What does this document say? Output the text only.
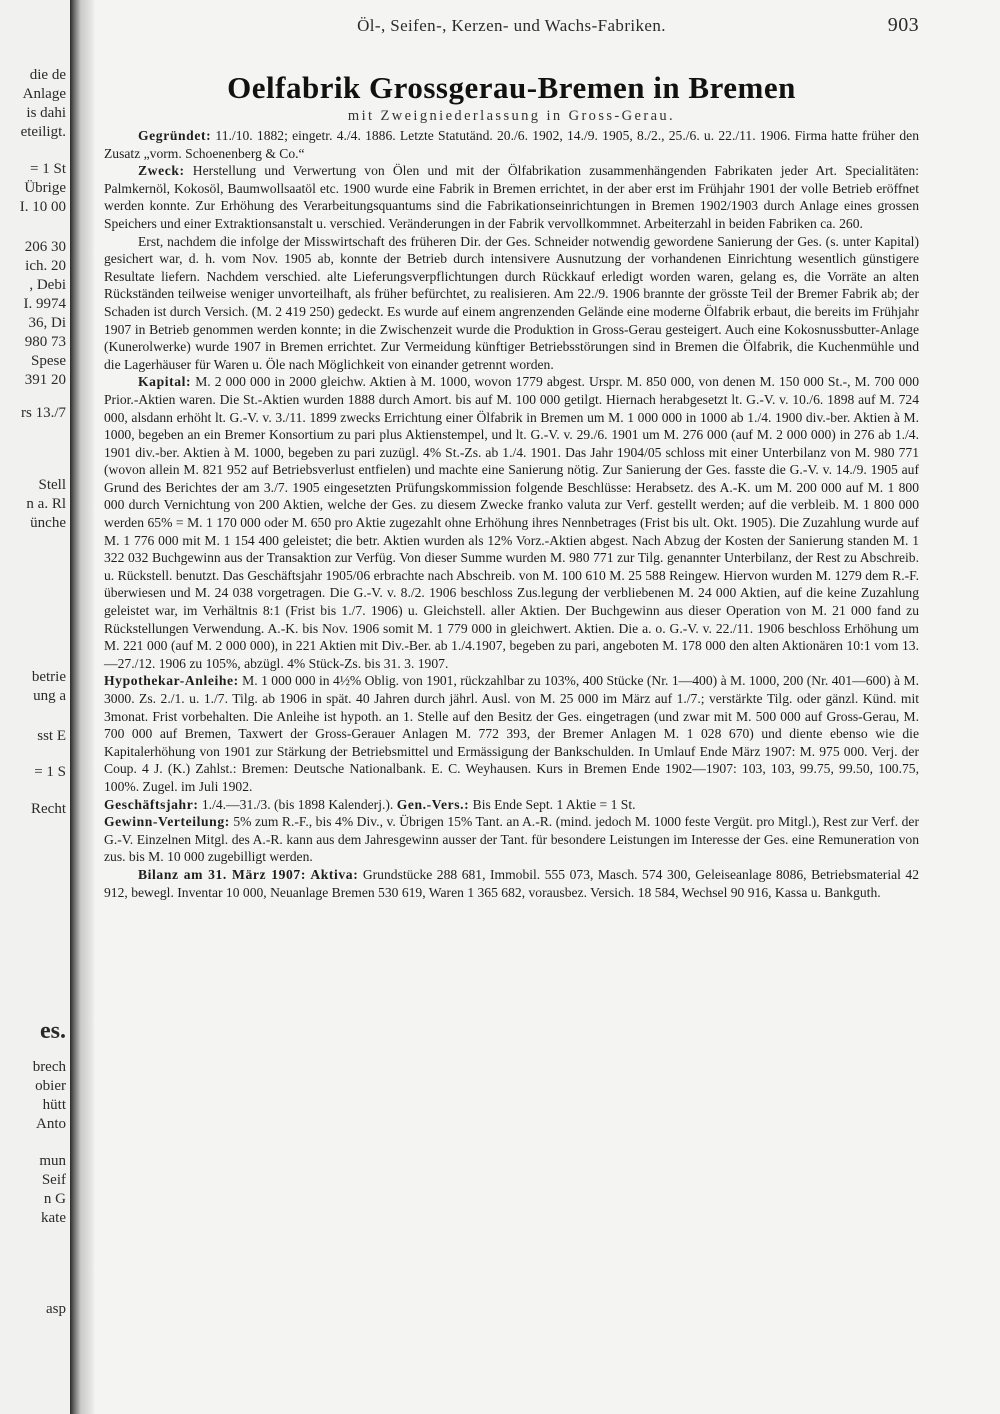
die de
Anlage
is dahi
eteiligt.
= 1 St
Übrige
I. 10 00
206 30
ich. 20
, Debi
I. 9974
36, Di
980 73
Spese
391 20
rs 13./7
Stell
n a. Rl
ünche
betrie
ung a
sst E
= 1 S
Recht
es.
brech
obier
hütt
Anto
mun
Seif
n G
kate
asp
Öl-, Seifen-, Kerzen- und Wachs-Fabriken.	903
Oelfabrik Grossgerau-Bremen in Bremen
mit Zweigniederlassung in Gross-Gerau.

Gegründet: 11./10. 1882; eingetr. 4./4. 1886. Letzte Statutänd. 20./6. 1902, 14./9. 1905, 8./2., 25./6. u. 22./11. 1906. Firma hatte früher den Zusatz „vorm. Schoenenberg & Co.“

Zweck: Herstellung und Verwertung von Ölen und mit der Ölfabrikation zusammenhängenden Fabrikaten jeder Art. Specialitäten: Palmkernöl, Kokosöl, Baumwollsaatöl etc. 1900 wurde eine Fabrik in Bremen errichtet, in der aber erst im Frühjahr 1901 der volle Betrieb eröffnet werden konnte. Zur Erhöhung des Verarbeitungsquantums sind die Fabrikationseinrichtungen in Bremen 1902/1903 durch Anlage eines grossen Speichers und einer Extraktionsanstalt u. verschied. Veränderungen in der Fabrik vervollkommnet. Arbeiterzahl in beiden Fabriken ca. 260.

Erst, nachdem die infolge der Misswirtschaft des früheren Dir. der Ges. Schneider notwendig gewordene Sanierung der Ges. (s. unter Kapital) gesichert war, d. h. vom Nov. 1905 ab, konnte der Betrieb durch intensivere Ausnutzung der vorhandenen Einrichtung wesentlich günstigere Resultate liefern. Nachdem verschied. alte Lieferungsverpflichtungen durch Rückkauf erledigt worden waren, gelang es, die Vorräte an alten Rückständen teilweise weniger unvorteilhaft, als früher befürchtet, zu realisieren. Am 22./9. 1906 brannte der grösste Teil der Bremer Fabrik ab; der Schaden ist durch Versich. (M. 2 419 250) gedeckt. Es wurde auf einem angrenzenden Gelände eine moderne Ölfabrik erbaut, die bereits im Frühjahr 1907 in Betrieb genommen werden konnte; in die Zwischenzeit wurde die Produktion in Gross-Gerau gesteigert. Auch eine Kokosnussbutter-Anlage (Kunerolwerke) wurde 1907 in Bremen errichtet. Zur Vermeidung künftiger Betriebsstörungen sind in Bremen die Ölfabrik, die Kuchenmühle und die Lagerhäuser für Waren u. Öle nach Möglichkeit von einander getrennt worden.

Kapital: M. 2 000 000 in 2000 gleichw. Aktien à M. 1000, wovon 1779 abgest. Urspr. M. 850 000, von denen M. 150 000 St.-, M. 700 000 Prior.-Aktien waren. Die St.-Aktien wurden 1888 durch Amort. bis auf M. 100 000 getilgt. Hiernach herabgesetzt lt. G.-V. v. 10./6. 1898 auf M. 724 000, alsdann erhöht lt. G.-V. v. 3./11. 1899 zwecks Errichtung einer Ölfabrik in Bremen um M. 1 000 000 in 1000 ab 1./4. 1900 div.-ber. Aktien à M. 1000, begeben an ein Bremer Konsortium zu pari plus Aktienstempel, und lt. G.-V. v. 29./6. 1901 um M. 276 000 (auf M. 2 000 000) in 276 ab 1./4. 1901 div.-ber. Aktien à M. 1000, begeben zu pari zuzügl. 4% St.-Zs. ab 1./4. 1901. Das Jahr 1904/05 schloss mit einer Unterbilanz von M. 980 771 (wovon allein M. 821 952 auf Betriebsverlust entfielen) und machte eine Sanierung nötig. Zur Sanierung der Ges. fasste die G.-V. v. 14./9. 1905 auf Grund des Berichtes der am 3./7. 1905 eingesetzten Prüfungskommission folgende Beschlüsse: Herabsetz. des A.-K. um M. 200 000 auf M. 1 800 000 durch Vernichtung von 200 Aktien, welche der Ges. zu diesem Zwecke franko valuta zur Verf. gestellt werden; auf die verbleib. M. 1 800 000 werden 65% = M. 1 170 000 oder M. 650 pro Aktie zugezahlt ohne Erhöhung ihres Nennbetrages (Frist bis ult. Okt. 1905). Die Zuzahlung wurde auf M. 1 776 000 mit M. 1 154 400 geleistet; die betr. Aktien wurden als 12% Vorz.-Aktien abgest. Nach Abzug der Kosten der Sanierung standen M. 1 322 032 Buchgewinn aus der Transaktion zur Verfüg. Von dieser Summe wurden M. 980 771 zur Tilg. genannter Unterbilanz, der Rest zu Abschreib. u. Rückstell. benutzt. Das Geschäftsjahr 1905/06 erbrachte nach Abschreib. von M. 100 610 M. 25 588 Reingew. Hiervon wurden M. 1279 dem R.-F. überwiesen und M. 24 038 vorgetragen. Die G.-V. v. 8./2. 1906 beschloss Zus.legung der verbliebenen M. 24 000 Aktien, auf die keine Zuzahlung geleistet war, im Verhältnis 8:1 (Frist bis 1./7. 1906) u. Gleichstell. aller Aktien. Der Buchgewinn aus dieser Operation von M. 21 000 fand zu Rückstellungen Verwendung. A.-K. bis Nov. 1906 somit M. 1 779 000 in gleichwert. Aktien. Die a. o. G.-V. v. 22./11. 1906 beschloss Erhöhung um M. 221 000 (auf M. 2 000 000), in 221 Aktien mit Div.-Ber. ab 1./4.1907, begeben zu pari, angeboten M. 178 000 den alten Aktionären 10:1 vom 13.—27./12. 1906 zu 105%, abzügl. 4% Stück-Zs. bis 31. 3. 1907.

Hypothekar-Anleihe: M. 1 000 000 in 4½% Oblig. von 1901, rückzahlbar zu 103%, 400 Stücke (Nr. 1—400) à M. 1000, 200 (Nr. 401—600) à M. 3000. Zs. 2./1. u. 1./7. Tilg. ab 1906 in spät. 40 Jahren durch jährl. Ausl. von M. 25 000 im März auf 1./7.; verstärkte Tilg. oder gänzl. Künd. mit 3monat. Frist vorbehalten. Die Anleihe ist hypoth. an 1. Stelle auf den Besitz der Ges. eingetragen (und zwar mit M. 500 000 auf Gross-Gerau, M. 700 000 auf Bremen, Taxwert der Gross-Gerauer Anlagen M. 772 393, der Bremer Anlagen M. 1 028 670) und diente ebenso wie die Kapitalerhöhung von 1901 zur Stärkung der Betriebsmittel und Ermässigung der Bankschulden. In Umlauf Ende März 1907: M. 975 000. Verj. der Coup. 4 J. (K.) Zahlst.: Bremen: Deutsche Nationalbank. E. C. Weyhausen. Kurs in Bremen Ende 1902—1907: 103, 103, 99.75, 99.50, 100.75, 100%. Zugel. im Juli 1902.

Geschäftsjahr: 1./4.—31./3. (bis 1898 Kalenderj.). Gen.-Vers.: Bis Ende Sept. 1 Aktie = 1 St.

Gewinn-Verteilung: 5% zum R.-F., bis 4% Div., v. Übrigen 15% Tant. an A.-R. (mind. jedoch M. 1000 feste Vergüt. pro Mitgl.), Rest zur Verf. der G.-V. Einzelnen Mitgl. des A.-R. kann aus dem Jahresgewinn ausser der Tant. für besondere Leistungen im Interesse der Ges. eine Remuneration von zus. bis M. 10 000 zugebilligt werden.

Bilanz am 31. März 1907: Aktiva: Grundstücke 288 681, Immobil. 555 073, Masch. 574 300, Geleiseanlage 8086, Betriebsmaterial 42 912, bewegl. Inventar 10 000, Neuanlage Bremen 530 619, Waren 1 365 682, vorausbez. Versich. 18 584, Wechsel 90 916, Kassa u. Bankguth.
